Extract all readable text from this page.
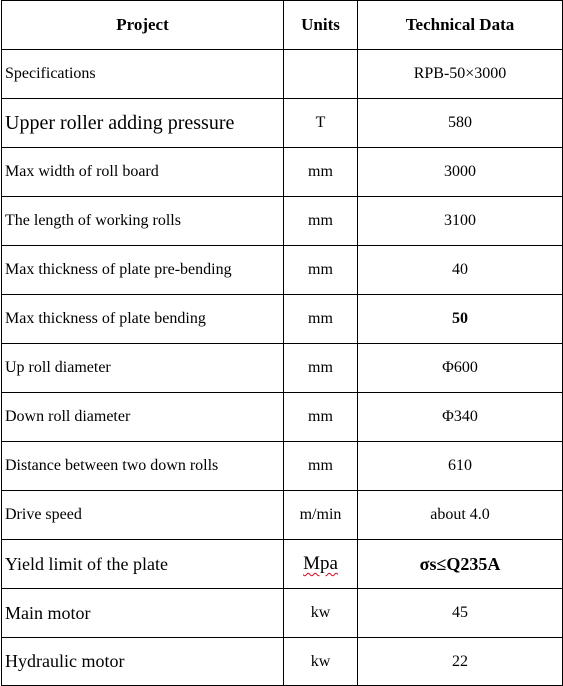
Project	Units	Technical Data
Specifications		RPB-50×3000
Upper roller adding pressure	T	580
Max width of roll board	mm	3000
The length of working rolls	mm	3100
Max thickness of plate pre-bending	mm	40
Max thickness of plate bending	mm	50
Up roll diameter	mm	Φ600
Down roll diameter	mm	Φ340
Distance between two down rolls	mm	610
Drive speed	m/min	about 4.0
Yield limit of the plate	Mpa	σs≤Q235A
Main motor	kw	45
Hydraulic motor	kw	22
